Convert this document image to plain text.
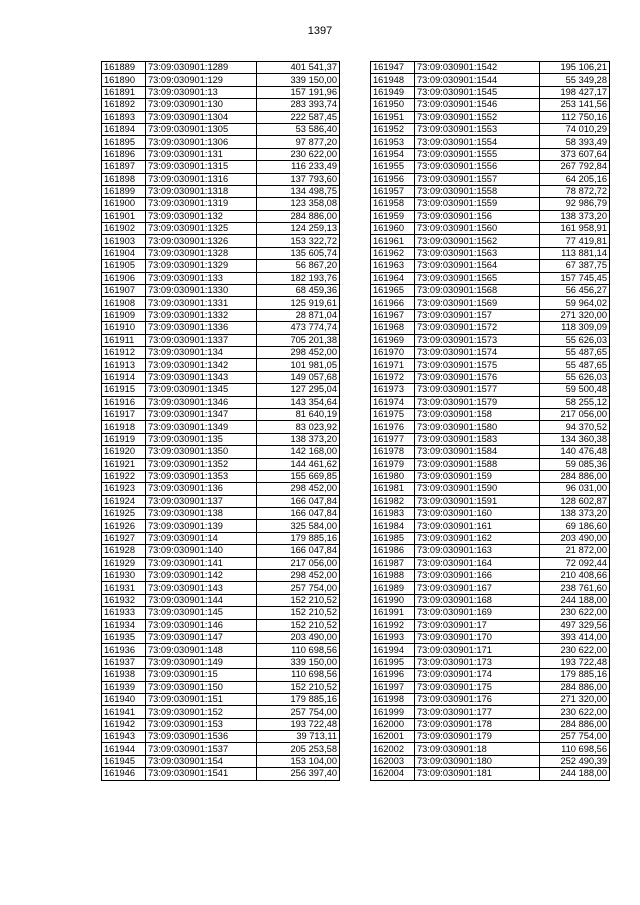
1397
161889	73:09:030901:1289	401 541,37
161890	73:09:030901:129	339 150,00
161891	73:09:030901:13	157 191,96
161892	73:09:030901:130	283 393,74
161893	73:09:030901:1304	222 587,45
161894	73:09:030901:1305	53 586,40
161895	73:09:030901:1306	97 877,20
161896	73:09:030901:131	230 622,00
161897	73:09:030901:1315	116 233,49
161898	73:09:030901:1316	137 793,60
161899	73:09:030901:1318	134 498,75
161900	73:09:030901:1319	123 358,08
161901	73:09:030901:132	284 886,00
161902	73:09:030901:1325	124 259,13
161903	73:09:030901:1326	153 322,72
161904	73:09:030901:1328	135 605,74
161905	73:09:030901:1329	56 867,20
161906	73:09:030901:133	182 193,76
161907	73:09:030901:1330	68 459,36
161908	73:09:030901:1331	125 919,61
161909	73:09:030901:1332	28 871,04
161910	73:09:030901:1336	473 774,74
161911	73:09:030901:1337	705 201,38
161912	73:09:030901:134	298 452,00
161913	73:09:030901:1342	101 981,05
161914	73:09:030901:1343	149 057,68
161915	73:09:030901:1345	127 295,04
161916	73:09:030901:1346	143 354,64
161917	73:09:030901:1347	81 640,19
161918	73:09:030901:1349	83 023,92
161919	73:09:030901:135	138 373,20
161920	73:09:030901:1350	142 168,00
161921	73:09:030901:1352	144 461,62
161922	73:09:030901:1353	155 669,85
161923	73:09:030901:136	298 452,00
161924	73:09:030901:137	166 047,84
161925	73:09:030901:138	166 047,84
161926	73:09:030901:139	325 584,00
161927	73:09:030901:14	179 885,16
161928	73:09:030901:140	166 047,84
161929	73:09:030901:141	217 056,00
161930	73:09:030901:142	298 452,00
161931	73:09:030901:143	257 754,00
161932	73:09:030901:144	152 210,52
161933	73:09:030901:145	152 210,52
161934	73:09:030901:146	152 210,52
161935	73:09:030901:147	203 490,00
161936	73:09:030901:148	110 698,56
161937	73:09:030901:149	339 150,00
161938	73:09:030901:15	110 698,56
161939	73:09:030901:150	152 210,52
161940	73:09:030901:151	179 885,16
161941	73:09:030901:152	257 754,00
161942	73:09:030901:153	193 722,48
161943	73:09:030901:1536	39 713,11
161944	73:09:030901:1537	205 253,58
161945	73:09:030901:154	153 104,00
161946	73:09:030901:1541	256 397,40
161947	73:09:030901:1542	195 106,21
161948	73:09:030901:1544	55 349,28
161949	73:09:030901:1545	198 427,17
161950	73:09:030901:1546	253 141,56
161951	73:09:030901:1552	112 750,16
161952	73:09:030901:1553	74 010,29
161953	73:09:030901:1554	58 393,49
161954	73:09:030901:1555	373 607,64
161955	73:09:030901:1556	267 792,84
161956	73:09:030901:1557	64 205,16
161957	73:09:030901:1558	78 872,72
161958	73:09:030901:1559	92 986,79
161959	73:09:030901:156	138 373,20
161960	73:09:030901:1560	161 958,91
161961	73:09:030901:1562	77 419,81
161962	73:09:030901:1563	113 881,14
161963	73:09:030901:1564	67 387,75
161964	73:09:030901:1565	157 745,45
161965	73:09:030901:1568	56 456,27
161966	73:09:030901:1569	59 964,02
161967	73:09:030901:157	271 320,00
161968	73:09:030901:1572	118 309,09
161969	73:09:030901:1573	55 626,03
161970	73:09:030901:1574	55 487,65
161971	73:09:030901:1575	55 487,65
161972	73:09:030901:1576	55 626,03
161973	73:09:030901:1577	59 500,48
161974	73:09:030901:1579	58 255,12
161975	73:09:030901:158	217 056,00
161976	73:09:030901:1580	94 370,52
161977	73:09:030901:1583	134 360,38
161978	73:09:030901:1584	140 476,48
161979	73:09:030901:1588	59 085,36
161980	73:09:030901:159	284 886,00
161981	73:09:030901:1590	96 031,00
161982	73:09:030901:1591	128 602,87
161983	73:09:030901:160	138 373,20
161984	73:09:030901:161	69 186,60
161985	73:09:030901:162	203 490,00
161986	73:09:030901:163	21 872,00
161987	73:09:030901:164	72 092,44
161988	73:09:030901:166	210 408,66
161989	73:09:030901:167	238 761,60
161990	73:09:030901:168	244 188,00
161991	73:09:030901:169	230 622,00
161992	73:09:030901:17	497 329,56
161993	73:09:030901:170	393 414,00
161994	73:09:030901:171	230 622,00
161995	73:09:030901:173	193 722,48
161996	73:09:030901:174	179 885,16
161997	73:09:030901:175	284 886,00
161998	73:09:030901:176	271 320,00
161999	73:09:030901:177	230 622,00
162000	73:09:030901:178	284 886,00
162001	73:09:030901:179	257 754,00
162002	73:09:030901:18	110 698,56
162003	73:09:030901:180	252 490,39
162004	73:09:030901:181	244 188,00
